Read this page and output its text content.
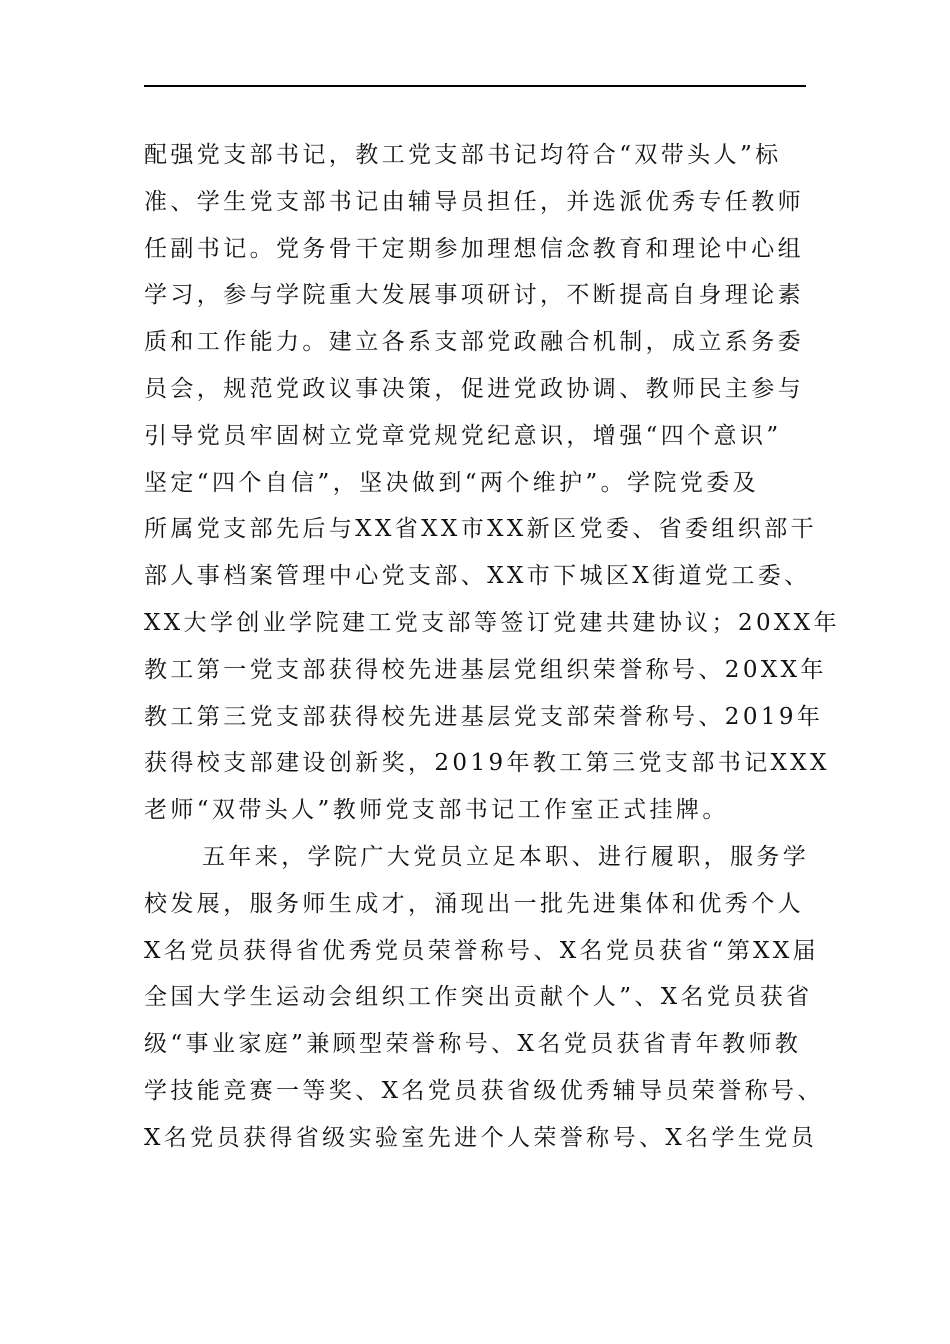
配强党支部书记，教工党支部书记均符合“双带头人”标
准、学生党支部书记由辅导员担任，并选派优秀专任教师
任副书记。党务骨干定期参加理想信念教育和理论中心组
学习，参与学院重大发展事项研讨，不断提高自身理论素
质和工作能力。建立各系支部党政融合机制，成立系务委
员会，规范党政议事决策，促进党政协调、教师民主参与
引导党员牢固树立党章党规党纪意识，增强“四个意识”
坚定“四个自信”，坚决做到“两个维护”。学院党委及
所属党支部先后与XX省XX市XX新区党委、省委组织部干
部人事档案管理中心党支部、XX市下城区X街道党工委、
XX大学创业学院建工党支部等签订党建共建协议；20XX年
教工第一党支部获得校先进基层党组织荣誉称号、20XX年
教工第三党支部获得校先进基层党支部荣誉称号、2019年
获得校支部建设创新奖，2019年教工第三党支部书记XXX
老师“双带头人”教师党支部书记工作室正式挂牌。
五年来，学院广大党员立足本职、进行履职，服务学
校发展，服务师生成才，涌现出一批先进集体和优秀个人
X名党员获得省优秀党员荣誉称号、X名党员获省“第XX届
全国大学生运动会组织工作突出贡献个人”、X名党员获省
级“事业家庭”兼顾型荣誉称号、X名党员获省青年教师教
学技能竞赛一等奖、X名党员获省级优秀辅导员荣誉称号、
X名党员获得省级实验室先进个人荣誉称号、X名学生党员
